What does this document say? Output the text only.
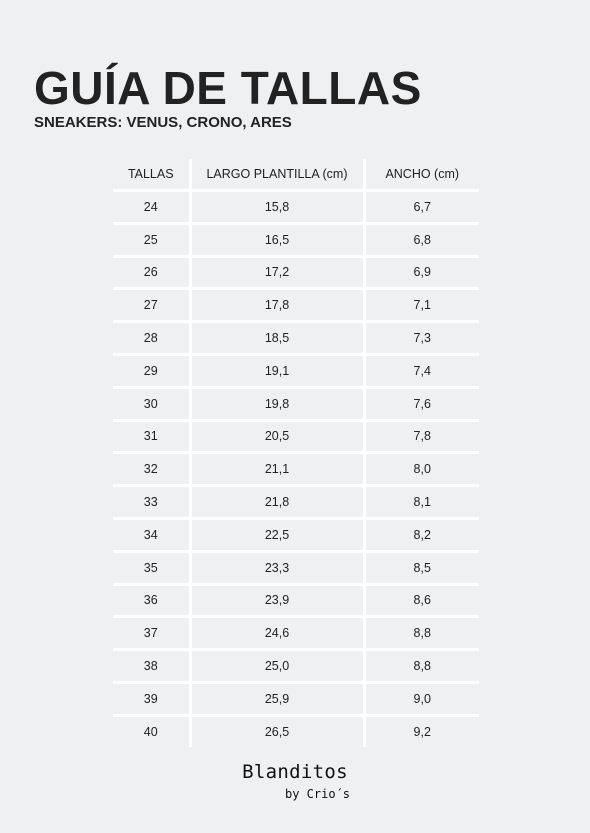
GUÍA DE TALLAS

SNEAKERS: VENUS, CRONO, ARES

TALLAS	LARGO PLANTILLA (cm)	ANCHO (cm)
24	15,8	6,7
25	16,5	6,8
26	17,2	6,9
27	17,8	7,1
28	18,5	7,3
29	19,1	7,4
30	19,8	7,6
31	20,5	7,8
32	21,1	8,0
33	21,8	8,1
34	22,5	8,2
35	23,3	8,5
36	23,9	8,6
37	24,6	8,8
38	25,0	8,8
39	25,9	9,0
40	26,5	9,2
Blanditos
by Crio´s
